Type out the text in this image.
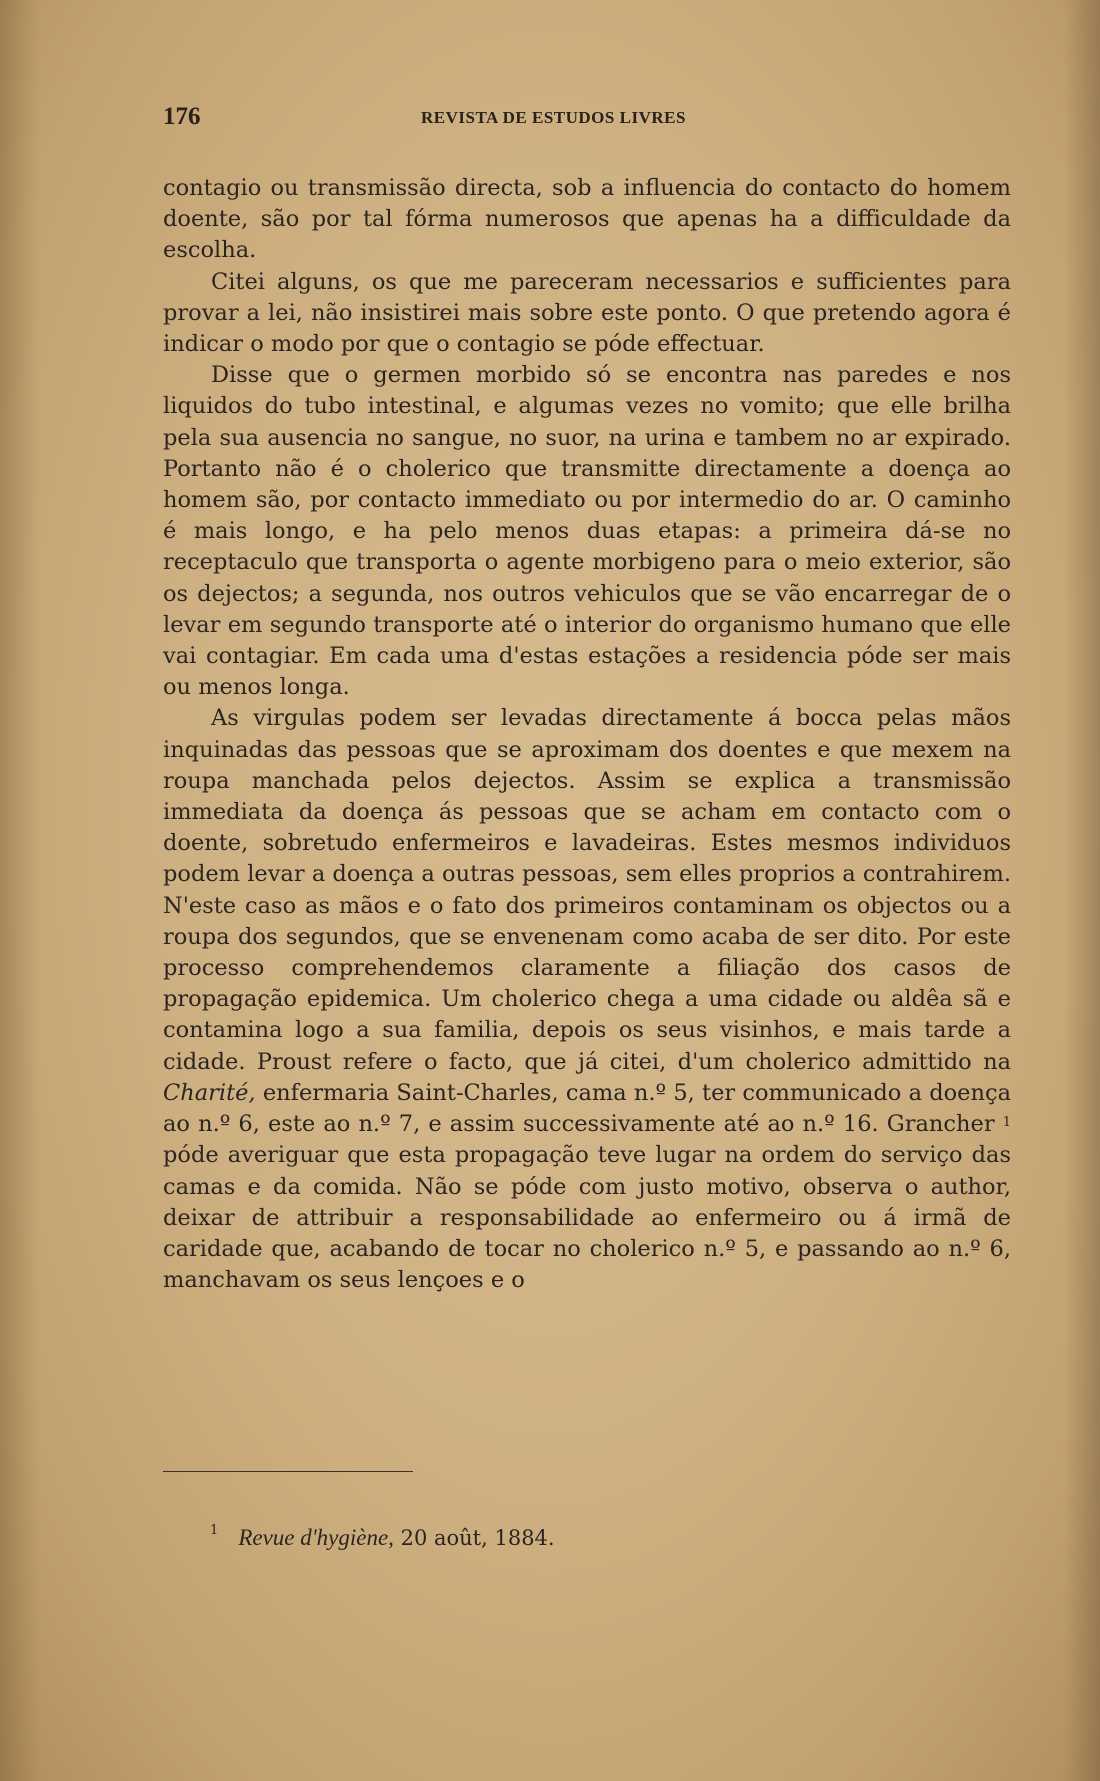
176	REVISTA DE ESTUDOS LIVRES

contagio ou transmissão directa, sob a influencia do contacto do homem doente, são por tal fórma numerosos que apenas ha a difficuldade da escolha.

Citei alguns, os que me pareceram necessarios e sufficientes para provar a lei, não insistirei mais sobre este ponto. O que pretendo agora é indicar o modo por que o contagio se póde effectuar.

Disse que o germen morbido só se encontra nas paredes e nos liquidos do tubo intestinal, e algumas vezes no vomito; que elle brilha pela sua ausencia no sangue, no suor, na urina e tambem no ar expirado. Portanto não é o cholerico que transmitte directamente a doença ao homem são, por contacto immediato ou por intermedio do ar. O caminho é mais longo, e ha pelo menos duas etapas: a primeira dá-se no receptaculo que transporta o agente morbigeno para o meio exterior, são os dejectos; a segunda, nos outros vehiculos que se vão encarregar de o levar em segundo transporte até o interior do organismo humano que elle vai contagiar. Em cada uma d'estas estações a residencia póde ser mais ou menos longa.

As virgulas podem ser levadas directamente á bocca pelas mãos inquinadas das pessoas que se aproximam dos doentes e que mexem na roupa manchada pelos dejectos. Assim se explica a transmissão immediata da doença ás pessoas que se acham em contacto com o doente, sobretudo enfermeiros e lavadeiras. Estes mesmos individuos podem levar a doença a outras pessoas, sem elles proprios a contrahirem. N'este caso as mãos e o fato dos primeiros contaminam os objectos ou a roupa dos segundos, que se envenenam como acaba de ser dito. Por este processo comprehendemos claramente a filiação dos casos de propagação epidemica. Um cholerico chega a uma cidade ou aldêa sã e contamina logo a sua familia, depois os seus visinhos, e mais tarde a cidade. Proust refere o facto, que já citei, d'um cholerico admittido na Charité, enfermaria Saint-Charles, cama n.º 5, ter communicado a doença ao n.º 6, este ao n.º 7, e assim successivamente até ao n.º 16. Grancher $^1$ póde averiguar que esta propagação teve lugar na ordem do serviço das camas e da comida. Não se póde com justo motivo, observa o author, deixar de attribuir a responsabilidade ao enfermeiro ou á irmã de caridade que, acabando de tocar no cholerico n.º 5, e passando ao n.º 6, manchavam os seus lençoes e o

$^1$ Revue d'hygiène, 20 août, 1884.
